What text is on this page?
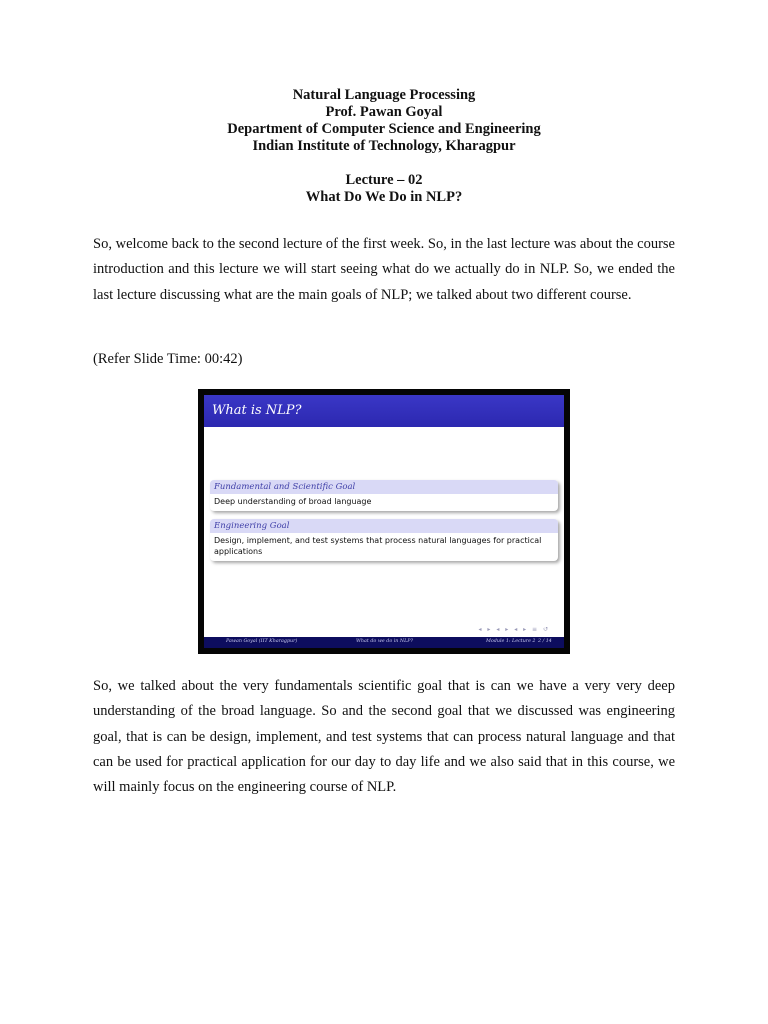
Natural Language Processing
Prof. Pawan Goyal
Department of Computer Science and Engineering
Indian Institute of Technology, Kharagpur
Lecture – 02
What Do We Do in NLP?

So, welcome back to the second lecture of the first week. So, in the last lecture was about the course introduction and this lecture we will start seeing what do we actually do in NLP. So, we ended the last lecture discussing what are the main goals of NLP; we talked about two different course.

(Refer Slide Time: 00:42)

What is NLP?
Fundamental and Scientific Goal
Deep understanding of broad language
Engineering Goal
Design, implement, and test systems that process natural languages for practical applications
◂ ▸ ◂ ▸ ◂ ▸ ≡ ↺
Pawan Goyal (IIT Kharagpur)	What do we do in NLP?	Module 1: Lecture 2 2 / 14

So, we talked about the very fundamentals scientific goal that is can we have a very very deep understanding of the broad language. So and the second goal that we discussed was engineering goal, that is can be design, implement, and test systems that can process natural language and that can be used for practical application for our day to day life and we also said that in this course, we will mainly focus on the engineering course of NLP.
